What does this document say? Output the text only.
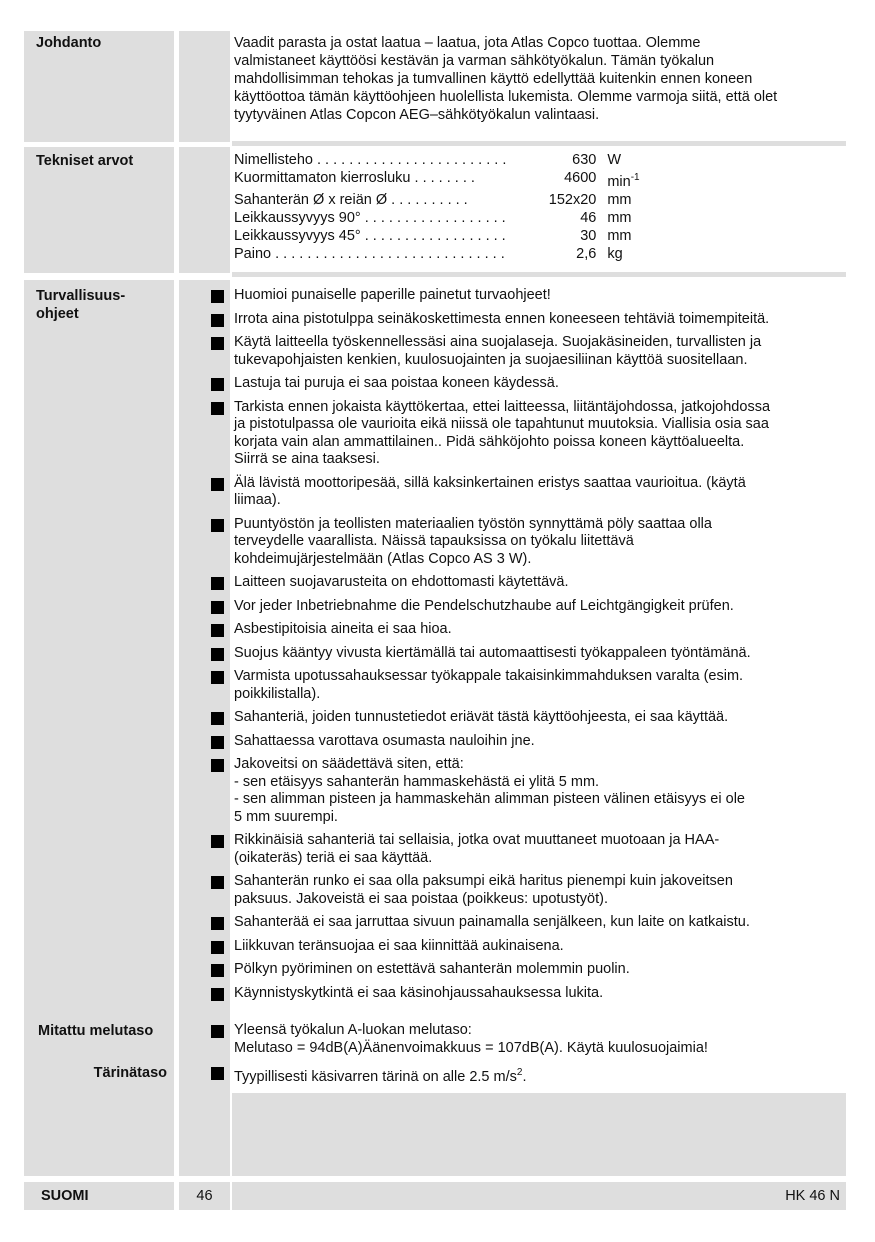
Johdanto	Vaadit parasta ja ostat laatua – laatua, jota Atlas Copco tuottaa. Olemme
valmistaneet käyttöösi kestävän ja varman sähkötyökalun. Tämän työkalun
mahdollisimman tehokas ja tumvallinen käyttö edellyttää kuitenkin ennen koneen
käyttöottoa tämän käyttöohjeen huolellista lukemista. Olemme varmoja siitä, että olet
tyytyväinen Atlas Copcon AEG–sähkötyökalun valintaasi.
Tekniset arvot	Nimellisteho . . . . . . . . . . . . . . . . . . . . . . . .	630	W
Kuormittamaton kierrosluku . . . . . . . .	4600	$\min^{-1}$
Sahanterän Ø x reiän Ø . . . . . . . . . .	152x20	mm
Leikkaussyvyys 90° . . . . . . . . . . . . . . . . . .	46	mm
Leikkaussyvyys 45° . . . . . . . . . . . . . . . . . .	30	mm
Paino . . . . . . . . . . . . . . . . . . . . . . . . . . . . .	2,6	kg
Turvallisuus-
ohjeet
Huomioi punaiselle paperille painetut turvaohjeet!
Irrota aina pistotulppa seinäkoskettimesta ennen koneeseen tehtäviä toimempiteitä.
Käytä laitteella työskennellessäsi aina suojalaseja. Suojakäsineiden, turvallisten ja
tukevapohjaisten kenkien, kuulosuojainten ja suojaesiliinan käyttöä suositellaan.
Lastuja tai puruja ei saa poistaa koneen käydessä.
Tarkista ennen jokaista käyttökertaa, ettei laitteessa, liitäntäjohdossa, jatkojohdossa
ja pistotulpassa ole vaurioita eikä niissä ole tapahtunut muutoksia. Viallisia osia saa
korjata vain alan ammattilainen.. Pidä sähköjohto poissa koneen käyttöalueelta.
Siirrä se aina taaksesi.
Älä lävistä moottoripesää, sillä kaksinkertainen eristys saattaa vaurioitua. (käytä
liimaa).
Puuntyöstön ja teollisten materiaalien työstön synnyttämä pöly saattaa olla
terveydelle vaarallista. Näissä tapauksissa on työkalu liitettävä
kohdeimujärjestelmään (Atlas Copco AS 3 W).
Laitteen suojavarusteita on ehdottomasti käytettävä.
Vor jeder Inbetriebnahme die Pendelschutzhaube auf Leichtgängigkeit prüfen.
Asbestipitoisia aineita ei saa hioa.
Suojus kääntyy vivusta kiertämällä tai automaattisesti työkappaleen työntämänä.
Varmista upotussahauksessar työkappale takaisinkimmahduksen varalta (esim.
poikkilistalla).
Sahanteriä, joiden tunnustetiedot eriävät tästä käyttöohjeesta, ei saa käyttää.
Sahattaessa varottava osumasta nauloihin jne.
Jakoveitsi on säädettävä siten, että:
- sen etäisyys sahanterän hammaskehästä ei ylitä 5 mm.
- sen alimman pisteen ja hammaskehän alimman pisteen välinen etäisyys ei ole
5 mm suurempi.
Rikkinäisiä sahanteriä tai sellaisia, jotka ovat muuttaneet muotoaan ja HAA-
(oikateräs) teriä ei saa käyttää.
Sahanterän runko ei saa olla paksumpi eikä haritus pienempi kuin jakoveitsen
paksuus. Jakoveistä ei saa poistaa (poikkeus: upotustyöt).
Sahanterää ei saa jarruttaa sivuun painamalla senjälkeen, kun laite on katkaistu.
Liikkuvan teränsuojaa ei saa kiinnittää aukinaisena.
Pölkyn pyöriminen on estettävä sahanterän molemmin puolin.
Käynnistyskytkintä ei saa käsinohjaussahauksessa lukita.
Mitattu melutaso	Yleensä työkalun A-luokan melutaso:
Melutaso = 94dB(A)Äänenvoimakkuus = 107dB(A). Käytä kuulosuojaimia!
Tärinätaso	Tyypillisesti käsivarren tärinä on alle 2.5 $m/s^2$.
SUOMI	46	HK 46 N
